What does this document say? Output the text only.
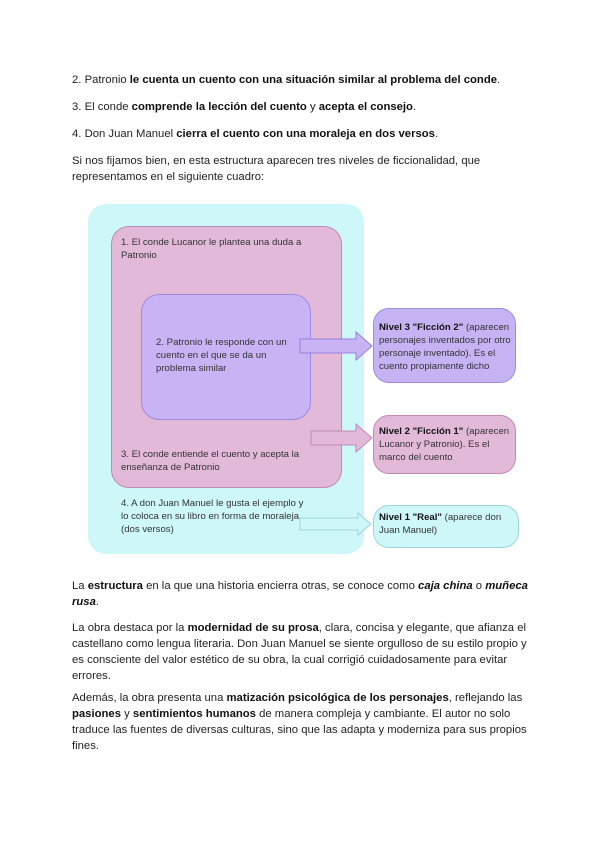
2. Patronio le cuenta un cuento con una situación similar al problema del conde.

3. El conde comprende la lección del cuento y acepta el consejo.

4. Don Juan Manuel cierra el cuento con una moraleja en dos versos.

Si nos fijamos bien, en esta estructura aparecen tres niveles de ficcionalidad, que representamos en el siguiente cuadro:

1. El conde Lucanor le plantea una duda a Patronio

2. Patronio le responde con un cuento en el que se da un problema similar

3. El conde entiende el cuento y acepta la enseñanza de Patronio

4. A don Juan Manuel le gusta el ejemplo y lo coloca en su libro en forma de moraleja (dos versos)

Nivel 3 "Ficción 2" (aparecen personajes inventados por otro personaje inventado). Es el cuento propiamente dicho

Nivel 2 "Ficción 1" (aparecen Lucanor y Patronio). Es el marco del cuento

Nivel 1 "Real" (aparece don Juan Manuel)

La estructura en la que una historia encierra otras, se conoce como caja china o muñeca rusa.

La obra destaca por la modernidad de su prosa, clara, concisa y elegante, que afianza el castellano como lengua literaria. Don Juan Manuel se siente orgulloso de su estilo propio y es consciente del valor estético de su obra, la cual corrigió cuidadosamente para evitar errores.

Además, la obra presenta una matización psicológica de los personajes, reflejando las pasiones y sentimientos humanos de manera compleja y cambiante. El autor no solo traduce las fuentes de diversas culturas, sino que las adapta y moderniza para sus propios fines.
